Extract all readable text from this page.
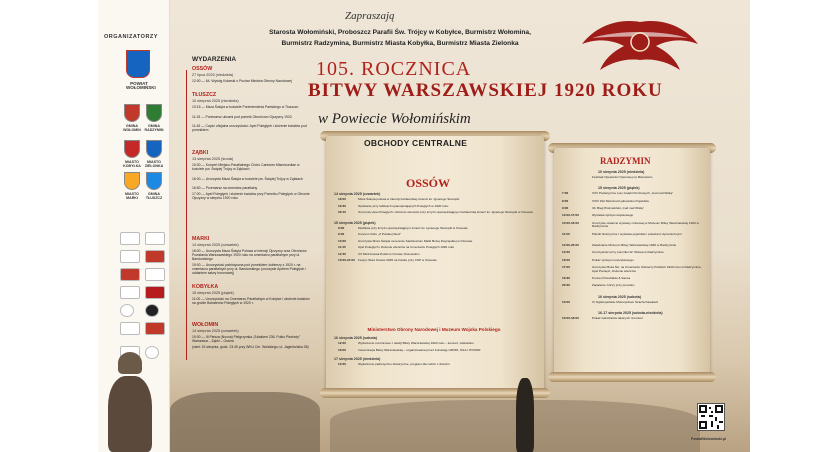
ORGANIZATORZY
POWIAT WOŁOMIŃSKI
GMINA WOŁOMIN
GMINA RADZYMIN
MIASTO KOBYŁKA
MIASTO ZIELONKA
MIASTO MARKI
GMINA TŁUSZCZ
Zapraszają
Starosta Wołomiński, Proboszcz Parafii Św. Trójcy w Kobyłce, Burmistrz Wołomina,
Burmistrz Radzymina, Burmistrz Miasta Kobyłka, Burmistrz Miasta Zielonka
105. ROCZNICA
BITWY WARSZAWSKIEJ 1920 ROKU
w Powiecie Wołomińskim
WYDARZENIA
OSSÓW
27 lipca 2025 (niedziela)
12:00 — 64. Wyścig Kolarski o Puchar Ministra Obrony Narodowej
TŁUSZCZ
10 sierpnia 2025 (niedziela)
10:15 — Msza Święta w kościele Przemienienia Pańskiego w Tłuszczu
11:15 — Przemarsz ulicami pod pomnik Obrońcom Ojczyzny 1920
11:45 — Część oficjalna uroczystości: Apel Poległych i złożenie kwiatów pod pomnikiem
ZĄBKI
13 sierpnia 2025 (środa)
15:30 — Koncert Miejsko-Parafialnego Chóru Cantores Misericordiae w kościele pw. Świętej Trójcy w Ząbkach
16:00 — Uroczysta Msza Święta w kościele pw. Świętej Trójcy w Ząbkach
16:50 — Przemarsz na cmentarz parafialny
17:00 — Apel Poległych i złożenie kwiatów przy Pomniku Poległych w Obronie Ojczyzny w sierpniu 1920 roku
MARKI
14 sierpnia 2025 (czwartek)
18:00 — Uroczysta Msza Święta Polowa w intencji Ojczyzny oraz Obrońców Powstania Warszawskiego 1920 roku na cmentarzu parafialnym przy ul. Bandurskiego
19:00 — Uroczystość patriotyczna pod pomnikiem żołnierzy z 1920 r. na cmentarzu parafialnym przy ul. Bandurskiego (uroczyste Apelem Poległych i oddaniem salwy honorowej)
KOBYŁKA
15 sierpnia 2025 (piątek)
11:00 — Uroczystość na Cmentarzu Parafialnym w Kobyłce i złożenie kwiatów na grobie Bohaterów Poległych w 1920 r.
WOŁOMIN
14 sierpnia 2025 (czwartek)
19:00 — III Piesza (Nocna) Pielgrzymka „Szlakiem 236. Pułku Piechoty” Warszawa – Ząbki – Ossów
(start: 15 sierpnia, godz. 23:45 przy WKU Cm. Wolskiego; ul. Jagiellońska 38)
OBCHODY CENTRALNE
OSSÓW
14 sierpnia 2025 (czwartek)
18:00	Msza Święta polowa w intencji bohaterskiej śmierci ks. Ignacego Skorupki
19:30	Spotkanie przy tablicach upamiętniających Poległych w 1920 roku
20:15	Uroczysty Apel Poległych i złożenie wieńców przy krzyżu upamiętniającym bohaterską śmierć ks. Ignacego Skorupki w Ossowie
15 sierpnia 2025 (piątek)
9:00	Modlitwa przy krzyżu upamiętniającym śmierć ks. Ignacego Skorupki w Ossowie
9:30	Koncert chóru „Z Polskiej Sieci”
10:00	Uroczysta Msza Święta na terenie Sanktuarium Matki Bożej Zwycięskiej w Ossowie
11:45	Apel Poległych i złożenie wieńców na Cmentarzu Poległych 1920 roku
12:45	XX Mistrzostwa Polski w Crossie Ossowskim
13:00-21:00 Festyn Wieś Ossów 2025 na boisku przy CSP w Ossowie
16 sierpnia 2025 (sobota)
12:00	Wydarzenie rocznicowe z okazji Bitwy Warszawskiej 1920 roku – koncert, widowisko
16:00	Inscenizacja Bitwy Warszawskiej – organizowana przez Fundację GROM, SILA I HONOR
17 sierpnia 2025 (niedziela)
12:00	Wydarzenie patriotyczno-historyczne, program dla rodzin z dziećmi
Ministerstwo Obrony Narodowej i Muzeum Wojska Polskiego
RADZYMIN
10 sierpnia 2025 (niedziela)
Festiwal Opowieści Operowej na Mazowszu
15 sierpnia 2025 (piątek)
7:00	XXV Patriotyczne Loty Gołębi Pocztowych „Cud nad Wisłą”
8:00	XXIV Zlot MotoCud Ljubowisko Pojazdów
9:00	34. Bieg Piotrowiński „Cud nad Wisłą”
10:00-17:00	Wystawa sprzętu wojskowego
10:00-16:00	Uroczyste otwarcie wystawy czasowej w Muzeum Bitwy Warszawskiej 1920 w Radzyminie
11:00	Pikniki historyczne i wystawa pojazdów i pokazami dynamicznymi
12:00-20:00	Zwiedzanie Muzeum Bitwy Warszawskiej 1920 w Radzyminie
12:00	Uroczystości przy pomniku W. Witosa w Radzyminie
16:00	Pokaz sprzętu motocyklowego
17:00	Uroczysta Msza Św. na Cmentarzu Żołnierzy Polskich 1920 roku w Radzyminie; Apel Pamięci, złożenie wieńców
19:30	Koncert Perebaldo & Sansa
20:30	Zapalenie zniczy przy pomniku
16 sierpnia 2025 (sobota)
10:00	VI Ogólnopolskie Motocyklowe Szarża Kawalerii
16-17 sierpnia 2025 (sobota-niedziela)
10:00-18:00	Pokaz warsztatów dawnych rzemiosł
PowiatWolominski.pl
